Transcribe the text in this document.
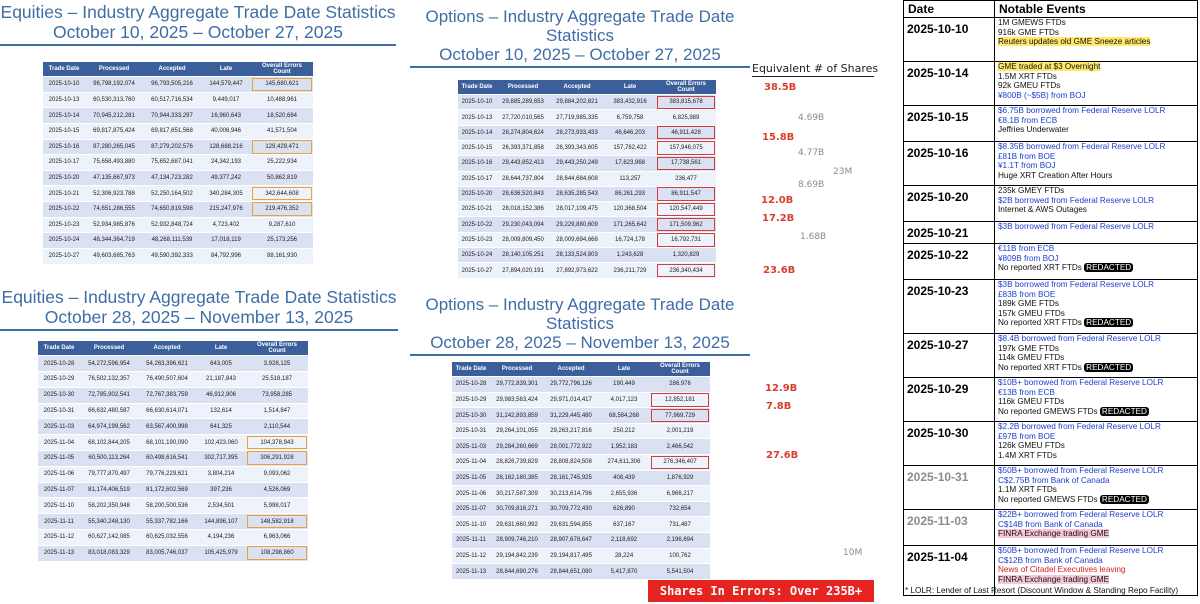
Equities – Industry Aggregate Trade Date Statistics
October 10, 2025 – October 27, 2025
Trade Date	Processed	Accepted	Late	Overall Errors Count
2025-10-10	96,798,192,074	96,793,505,216	144,579,447	145,680,621
2025-10-13	60,530,313,760	60,517,716,534	9,449,017	10,488,961
2025-10-14	70,945,212,281	70,944,333,297	16,960,643	18,520,684
2025-10-15	69,817,875,424	69,817,651,568	40,006,946	41,571,504
2025-10-16	87,280,265,045	87,279,202,576	128,688,216	129,429,471
2025-10-17	75,658,493,880	75,652,687,041	24,342,193	25,222,934
2025-10-20	47,135,667,973	47,134,723,282	49,377,242	50,862,819
2025-10-21	52,306,923,788	52,250,164,502	340,284,305	342,644,608
2025-10-22	74,651,286,555	74,650,819,598	215,247,976	219,476,352
2025-10-23	52,934,985,876	52,932,848,724	4,723,402	9,287,610
2025-10-24	48,344,364,719	48,268,111,539	17,018,119	25,173,256
2025-10-27	49,603,685,763	49,590,392,333	84,792,996	88,161,930
Options – Industry Aggregate Trade Date Statistics
October 10, 2025 – October 27, 2025
Trade Date	Processed	Accepted	Late	Overall Errors Count
2025-10-10	29,885,289,653	29,884,202,821	383,432,916	383,815,678
2025-10-13	27,720,010,565	27,719,985,335	6,759,758	6,825,989
2025-10-14	28,274,804,624	28,273,933,433	46,646,203	46,911,428
2025-10-15	26,393,371,858	26,393,343,605	157,762,422	157,946,075
2025-10-16	29,443,852,413	29,443,250,249	17,623,968	17,738,561
2025-10-17	28,644,737,804	28,644,684,608	113,257	236,477
2025-10-20	28,636,520,843	28,635,285,543	86,261,293	86,911,547
2025-10-21	28,018,152,386	28,017,109,475	120,368,504	120,547,449
2025-10-22	29,230,043,094	29,229,880,609	171,265,642	171,509,962
2025-10-23	28,009,809,450	28,009,694,668	16,724,178	16,792,731
2025-10-24	28,140,105,251	28,133,524,803	1,243,628	1,320,829
2025-10-27	27,894,020,191	27,892,973,622	236,211,729	236,340,434
Equities – Industry Aggregate Trade Date Statistics
October 28, 2025 – November 13, 2025
Trade Date	Processed	Accepted	Late	Overall Errors Count
2025-10-28	54,272,596,954	54,263,396,621	643,005	3,928,125
2025-10-29	76,502,132,357	76,490,507,604	21,187,843	25,518,187
2025-10-30	72,785,902,541	72,767,383,759	46,912,906	73,958,285
2025-10-31	66,632,480,587	66,630,614,071	132,614	1,514,847
2025-11-03	64,974,199,562	63,567,400,998	641,325	2,110,544
2025-11-04	68,102,844,205	68,101,190,090	102,423,060	104,378,943
2025-11-05	60,500,113,264	60,498,616,541	302,717,395	306,291,928
2025-11-06	79,777,870,497	79,776,229,621	3,804,214	9,093,062
2025-11-07	81,174,406,519	81,172,602,569	397,236	4,526,069
2025-11-10	58,202,350,948	58,200,500,536	2,534,501	5,998,017
2025-11-11	55,340,248,130	55,337,782,166	144,896,107	148,582,918
2025-11-12	60,627,142,085	60,625,032,556	4,194,236	6,963,066
2025-11-13	83,018,083,329	83,005,746,037	105,425,979	108,298,860
Options – Industry Aggregate Trade Date Statistics
October 28, 2025 – November 13, 2025
Trade Date	Processed	Accepted	Late	Overall Errors Count
2025-10-28	29,772,839,301	29,772,796,126	190,449	286,976
2025-10-29	29,983,563,424	29,971,014,417	4,017,123	12,852,181
2025-10-30	31,242,893,859	31,229,445,480	68,584,268	77,969,729
2025-10-31	29,264,101,055	29,263,217,816	250,212	2,001,219
2025-11-03	29,284,260,669	28,001,772,922	1,952,183	2,466,542
2025-11-04	28,826,739,829	28,808,824,508	274,611,306	276,346,407
2025-11-05	28,162,180,385	28,161,745,925	408,439	1,876,929
2025-11-06	30,217,587,309	30,213,614,796	2,655,936	6,966,217
2025-11-07	30,709,816,271	30,709,772,430	626,890	732,654
2025-11-10	29,631,660,992	29,631,594,855	637,167	731,487
2025-11-11	28,909,746,210	28,907,678,647	2,118,692	2,196,694
2025-11-12	29,194,842,239	29,194,817,495	28,224	100,762
2025-11-13	28,844,690,276	28,844,651,080	5,417,870	5,541,504
Equivalent # of Shares
38.5B
15.8B
12.0B
17.2B
23.6B
12.9B
7.8B
27.6B
4.69B
4.77B
8.69B
1.68B
23M
10M
Shares In Errors: Over 235B+
Date	Notable Events
2025-10-10	1M GMEWS FTDs
916k GME FTDs
Reuters updates old GME Sneeze articles

2025-10-14	GME traded at $3 Overnight
1.5M XRT FTDs
92k GMEU FTDs
¥800B (~$5B) from BOJ

2025-10-15	$6.75B borrowed from Federal Reserve LOLR
€8.1B from ECB
Jeffries Underwater

2025-10-16	$8.35B borrowed from Federal Reserve LOLR
£81B from BOE
¥1.1T from BOJ
Huge XRT Creation After Hours

2025-10-20	235k GMEY FTDs
$2B borrowed from Federal Reserve LOLR
Internet & AWS Outages

2025-10-21	$3B borrowed from Federal Reserve LOLR

2025-10-22	€11B from ECB
¥809B from BOJ
No reported XRT FTDs REDACTED

2025-10-23	$3B borrowed from Federal Reserve LOLR
£83B from BOE
189k GME FTDs
157k GMEU FTDs
No reported XRT FTDs REDACTED

2025-10-27	$8.4B borrowed from Federal Reserve LOLR
197k GME FTDs
114k GMEU FTDs
No reported XRT FTDs REDACTED

2025-10-29	$10B+ borrowed from Federal Reserve LOLR
€13B from ECB
116k GMEU FTDs
No reported GMEWS FTDs REDACTED

2025-10-30	$2.2B borrowed from Federal Reserve LOLR
£97B from BOE
126k GMEU FTDs
1.4M XRT FTDs

2025-10-31	$50B+ borrowed from Federal Reserve LOLR
C$2.75B from Bank of Canada
1.1M XRT FTDs
No reported GMEWS FTDs REDACTED

2025-11-03	$22B+ borrowed from Federal Reserve LOLR
C$14B from Bank of Canada
FINRA Exchange trading GME

2025-11-04	$50B+ borrowed from Federal Reserve LOLR
C$12B from Bank of Canada
News of Citadel Executives leaving
FINRA Exchange trading GME
* LOLR: Lender of Last Resort (Discount Window & Standing Repo Facility)
